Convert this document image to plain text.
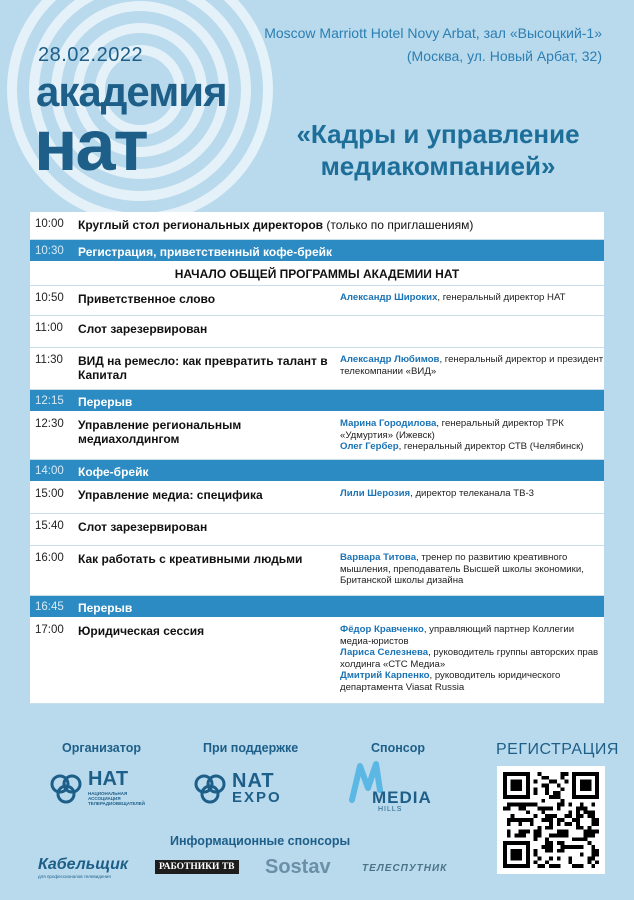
28.02.2022
академия
нат
Moscow Marriott Hotel Novy Arbat, зал «Высоцкий-1»
(Москва, ул. Новый Арбат, 32)
«Кадры и управление
медиакомпанией»
10:00	Круглый стол региональных директоров (только по приглашениям)
10:30	Регистрация, приветственный кофе-брейк
НАЧАЛО ОБЩЕЙ ПРОГРАММЫ АКАДЕМИИ НАТ
10:50	Приветственное слово	Александр Широких, генеральный директор НАТ
11:00	Слот зарезервирован
11:30	ВИД на ремесло: как превратить талант в Капитал
Александр Любимов, генеральный директор и президент телекомпании «ВИД»
12:15	Перерыв
12:30	Управление региональным медиахолдингом
Марина Городилова, генеральный директор ТРК «Удмуртия» (Ижевск)
Олег Гербер, генеральный директор СТВ (Челябинск)
14:00	Кофе-брейк
15:00	Управление медиа: специфика	Лили Шерозия, директор телеканала ТВ-3
15:40	Слот зарезервирован
16:00	Как работать с креативными людьми	Варвара Титова, тренер по развитию креативного мышления, преподаватель Высшей школы экономики, Британской школы дизайна
16:45	Перерыв
17:00	Юридическая сессия	Фёдор Кравченко, управляющий партнер Коллегии медиа-юристов
Лариса Селезнева, руководитель группы авторских прав холдинга «СТС Медиа»
Дмитрий Карпенко, руководитель юридического департамента Viasat Russia
Организатор	При поддержке	Спонсор	РЕГИСТРАЦИЯ
НАТ
НАЦИОНАЛЬНАЯ АССОЦИАЦИЯ ТЕЛЕРАДИОВЕЩАТЕЛЕЙ
NAT
EXPO	MEDIA
HILLS
Информационные спонсоры
Кабельщик
для профессионалов телевидения
РАБОТНИКИ ТВ Sostav	ТЕЛЕСПУТНИК
